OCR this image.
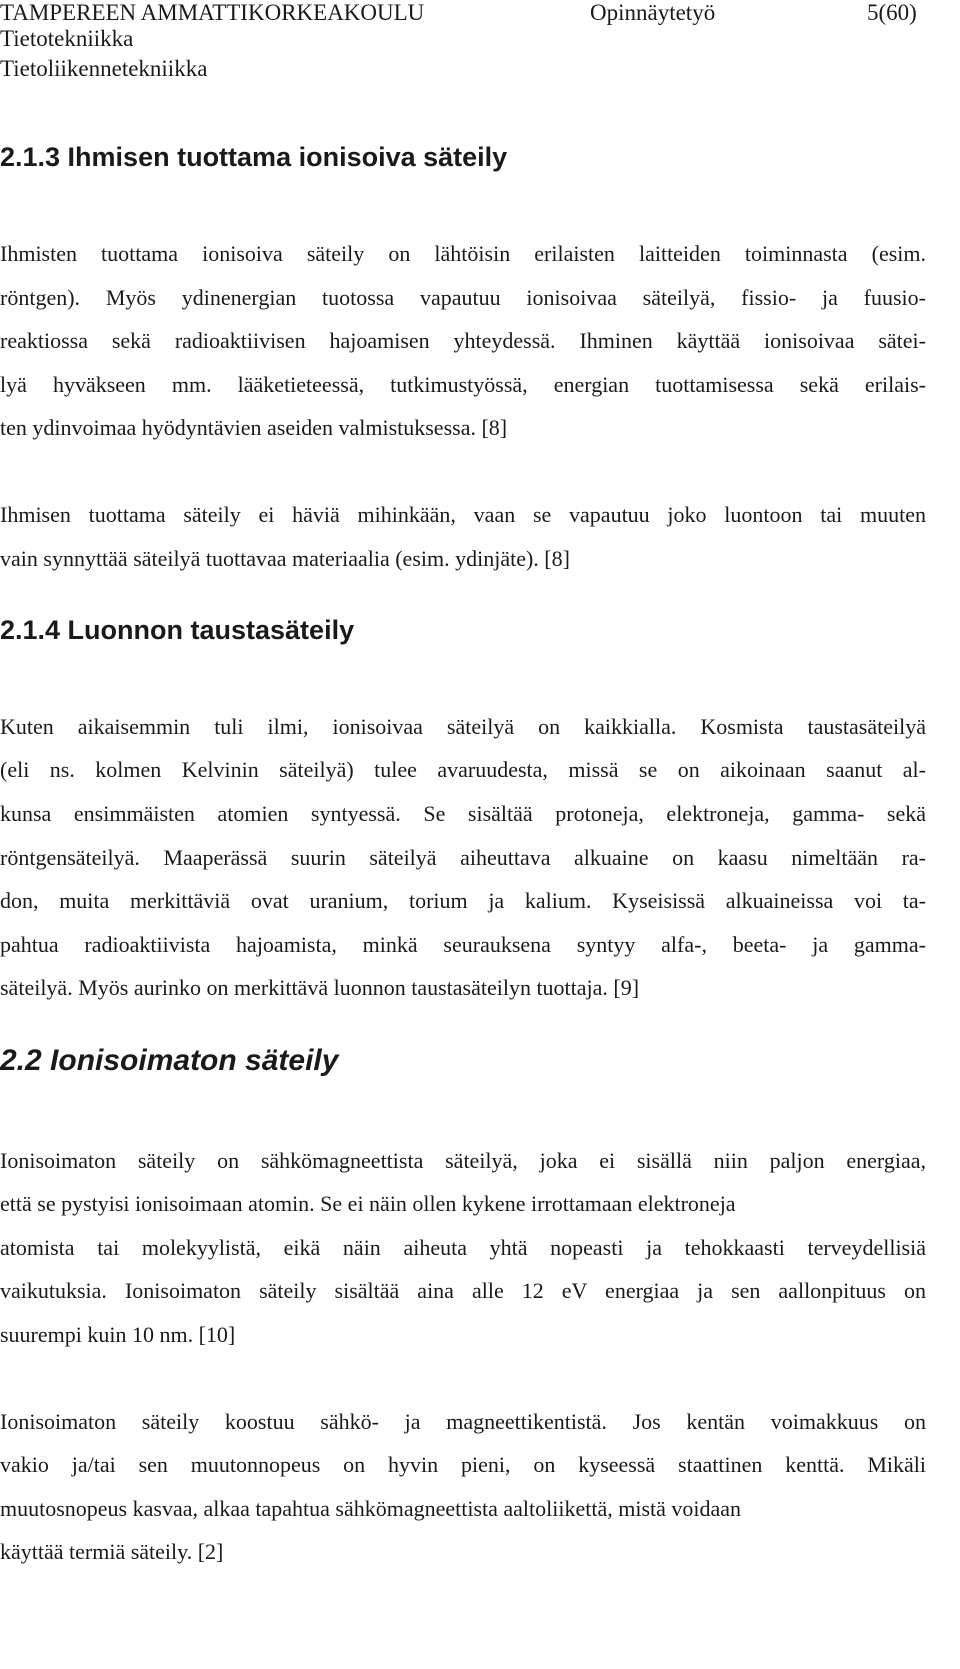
TAMPEREEN AMMATTIKORKEAKOULU	Opinnäytetyö	5(60)
Tietotekniikka
Tietoliikennetekniikka
2.1.3 Ihmisen tuottama ionisoiva säteily
Ihmisten tuottama ionisoiva säteily on lähtöisin erilaisten laitteiden toiminnasta (esim.
röntgen). Myös ydinenergian tuotossa vapautuu ionisoivaa säteilyä, fissio- ja fuusio-
reaktiossa sekä radioaktiivisen hajoamisen yhteydessä. Ihminen käyttää ionisoivaa sätei-
lyä hyväkseen mm. lääketieteessä, tutkimustyössä, energian tuottamisessa sekä erilais-
ten ydinvoimaa hyödyntävien aseiden valmistuksessa. [8]
Ihmisen tuottama säteily ei häviä mihinkään, vaan se vapautuu joko luontoon tai muuten
vain synnyttää säteilyä tuottavaa materiaalia (esim. ydinjäte). [8]
2.1.4 Luonnon taustasäteily
Kuten aikaisemmin tuli ilmi, ionisoivaa säteilyä on kaikkialla. Kosmista taustasäteilyä
(eli ns. kolmen Kelvinin säteilyä) tulee avaruudesta, missä se on aikoinaan saanut al-
kunsa ensimmäisten atomien syntyessä. Se sisältää protoneja, elektroneja, gamma- sekä
röntgensäteilyä. Maaperässä suurin säteilyä aiheuttava alkuaine on kaasu nimeltään ra-
don, muita merkittäviä ovat uranium, torium ja kalium. Kyseisissä alkuaineissa voi ta-
pahtua radioaktiivista hajoamista, minkä seurauksena syntyy alfa-, beeta- ja gamma-
säteilyä. Myös aurinko on merkittävä luonnon taustasäteilyn tuottaja. [9]
2.2 Ionisoimaton säteily
Ionisoimaton säteily on sähkömagneettista säteilyä, joka ei sisällä niin paljon energiaa,
että se pystyisi ionisoimaan atomin. Se ei näin ollen kykene irrottamaan elektroneja
atomista tai molekyylistä, eikä näin aiheuta yhtä nopeasti ja tehokkaasti terveydellisiä
vaikutuksia. Ionisoimaton säteily sisältää aina alle 12 eV energiaa ja sen aallonpituus on
suurempi kuin 10 nm. [10]
Ionisoimaton säteily koostuu sähkö- ja magneettikentistä. Jos kentän voimakkuus on
vakio ja/tai sen muutonnopeus on hyvin pieni, on kyseessä staattinen kenttä. Mikäli
muutosnopeus kasvaa, alkaa tapahtua sähkömagneettista aaltoliikettä, mistä voidaan
käyttää termiä säteily. [2]
